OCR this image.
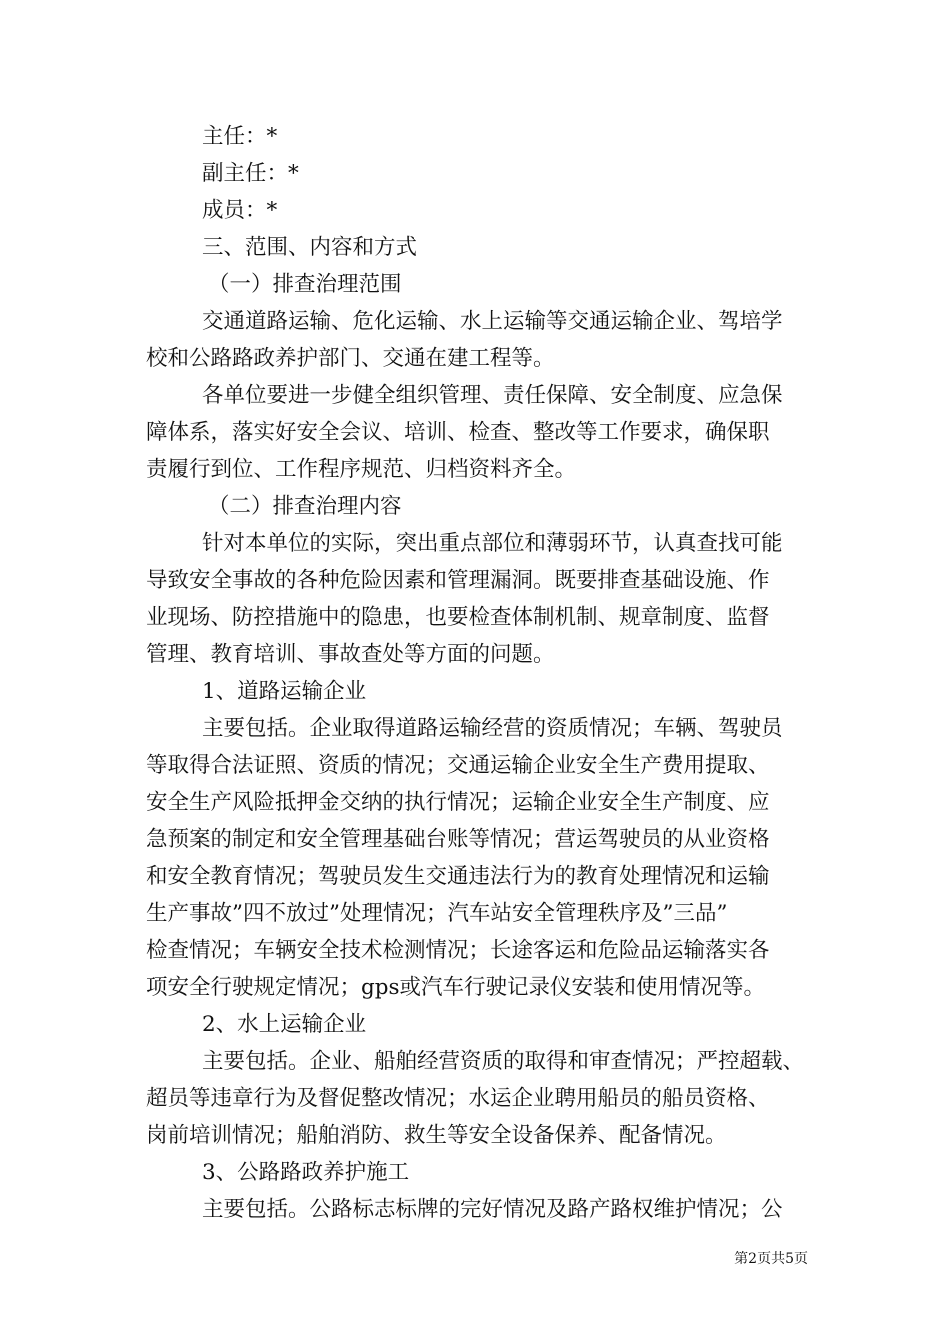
主任：*
副主任：*
成员：*
三、范围、内容和方式
（一）排查治理范围
交通道路运输、危化运输、水上运输等交通运输企业、驾培学
校和公路路政养护部门、交通在建工程等。
各单位要进一步健全组织管理、责任保障、安全制度、应急保
障体系，落实好安全会议、培训、检查、整改等工作要求，确保职
责履行到位、工作程序规范、归档资料齐全。
（二）排查治理内容
针对本单位的实际，突出重点部位和薄弱环节，认真查找可能
导致安全事故的各种危险因素和管理漏洞。既要排查基础设施、作
业现场、防控措施中的隐患，也要检查体制机制、规章制度、监督
管理、教育培训、事故查处等方面的问题。
1、道路运输企业
主要包括。企业取得道路运输经营的资质情况；车辆、驾驶员
等取得合法证照、资质的情况；交通运输企业安全生产费用提取、
安全生产风险抵押金交纳的执行情况；运输企业安全生产制度、应
急预案的制定和安全管理基础台账等情况；营运驾驶员的从业资格
和安全教育情况；驾驶员发生交通违法行为的教育处理情况和运输
生产事故”四不放过”处理情况；汽车站安全管理秩序及”三品”
检查情况；车辆安全技术检测情况；长途客运和危险品运输落实各
项安全行驶规定情况；gps或汽车行驶记录仪安装和使用情况等。
2、水上运输企业
主要包括。企业、船舶经营资质的取得和审查情况；严控超载、
超员等违章行为及督促整改情况；水运企业聘用船员的船员资格、
岗前培训情况；船舶消防、救生等安全设备保养、配备情况。
3、公路路政养护施工
主要包括。公路标志标牌的完好情况及路产路权维护情况；公
第2页共5页
